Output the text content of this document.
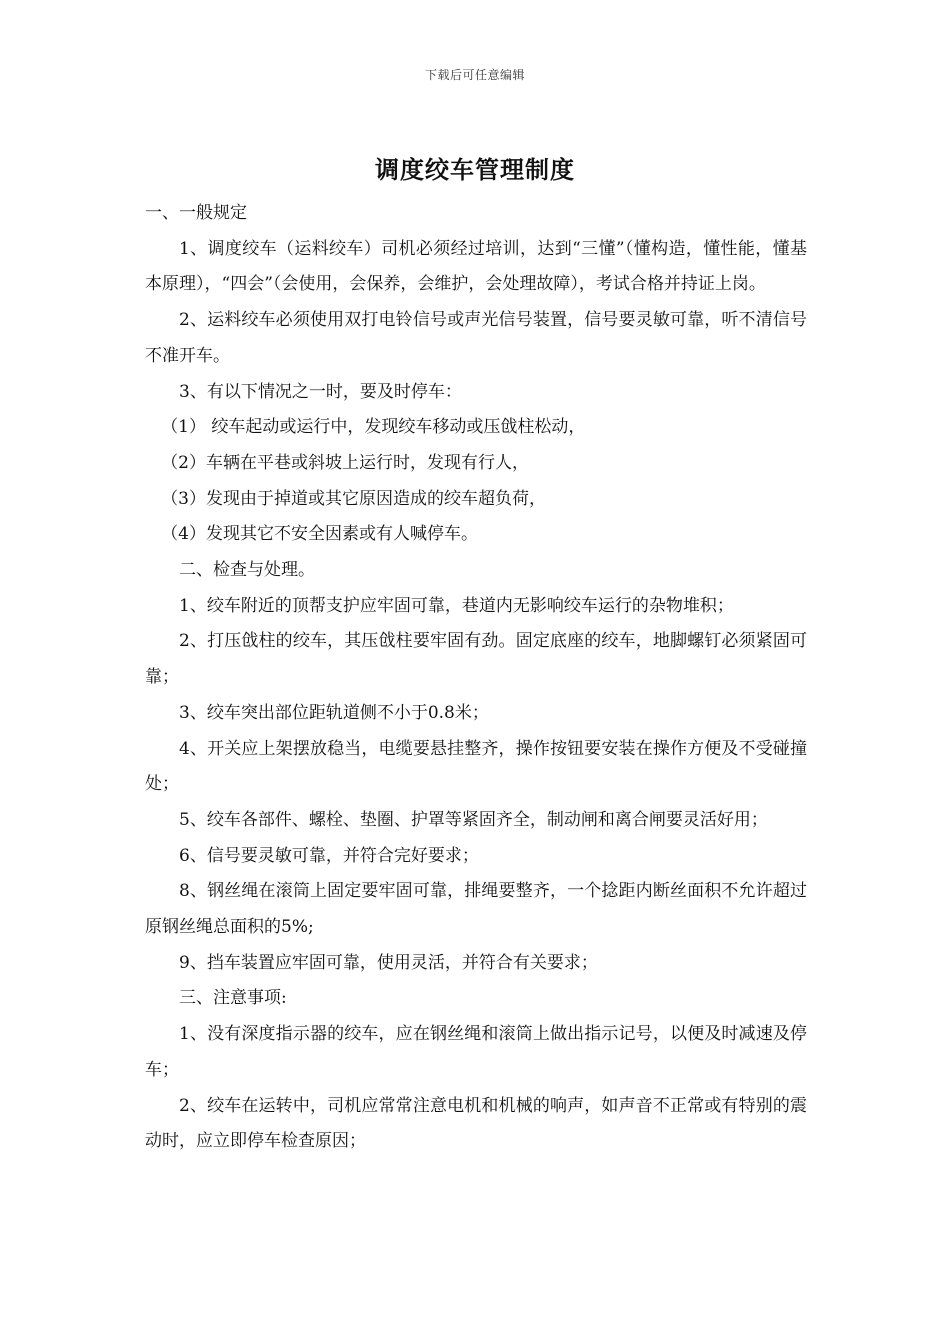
下载后可任意编辑
调度绞车管理制度

一、一般规定

1、调度绞车（运料绞车）司机必须经过培训，达到“三懂”（懂构造，懂性能，懂基本原理），“四会”（会使用，会保养，会维护，会处理故障），考试合格并持证上岗。

2、运料绞车必须使用双打电铃信号或声光信号装置，信号要灵敏可靠，听不清信号不准开车。

3、有以下情况之一时，要及时停车：

（1） 绞车起动或运行中，发现绞车移动或压戗柱松动，

（2）车辆在平巷或斜坡上运行时，发现有行人，

（3）发现由于掉道或其它原因造成的绞车超负荷，

（4）发现其它不安全因素或有人喊停车。

二、检查与处理。

1、绞车附近的顶帮支护应牢固可靠，巷道内无影响绞车运行的杂物堆积；

2、打压戗柱的绞车，其压戗柱要牢固有劲。固定底座的绞车，地脚螺钉必须紧固可靠；

3、绞车突出部位距轨道侧不小于0.8米；

4、开关应上架摆放稳当，电缆要悬挂整齐，操作按钮要安装在操作方便及不受碰撞处；

5、绞车各部件、螺栓、垫圈、护罩等紧固齐全，制动闸和离合闸要灵活好用；

6、信号要灵敏可靠，并符合完好要求；

8、钢丝绳在滚筒上固定要牢固可靠，排绳要整齐，一个捻距内断丝面积不允许超过原钢丝绳总面积的5%;

9、挡车装置应牢固可靠，使用灵活，并符合有关要求；

三、注意事项:

1、没有深度指示器的绞车，应在钢丝绳和滚筒上做出指示记号，以便及时减速及停车；

2、绞车在运转中，司机应常常注意电机和机械的响声，如声音不正常或有特别的震动时，应立即停车检查原因；
